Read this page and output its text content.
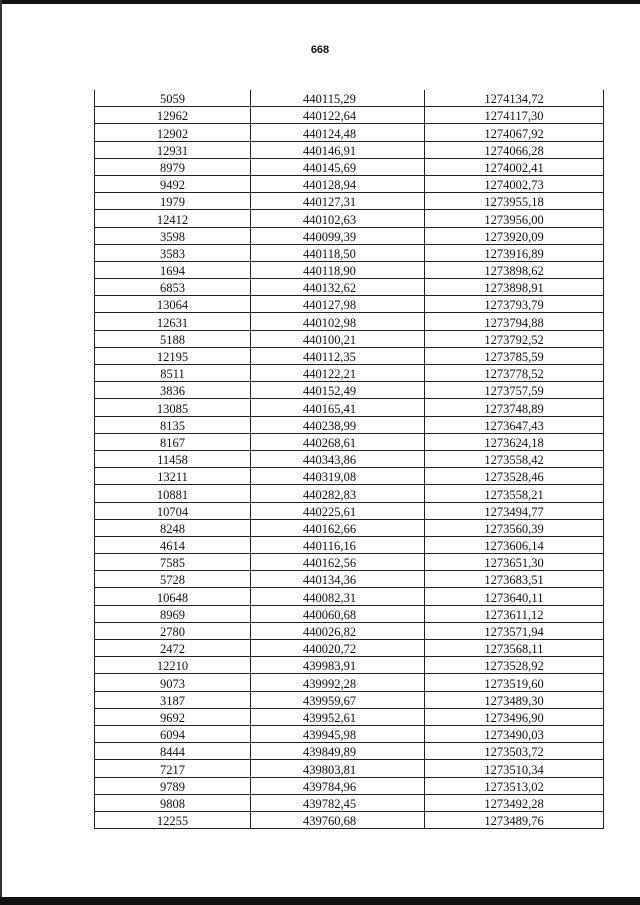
668
5059	440115,29	1274134,72
12962	440122,64	1274117,30
12902	440124,48	1274067,92
12931	440146,91	1274066,28
8979	440145,69	1274002,41
9492	440128,94	1274002,73
1979	440127,31	1273955,18
12412	440102,63	1273956,00
3598	440099,39	1273920,09
3583	440118,50	1273916,89
1694	440118,90	1273898,62
6853	440132,62	1273898,91
13064	440127,98	1273793,79
12631	440102,98	1273794,88
5188	440100,21	1273792,52
12195	440112,35	1273785,59
8511	440122,21	1273778,52
3836	440152,49	1273757,59
13085	440165,41	1273748,89
8135	440238,99	1273647,43
8167	440268,61	1273624,18
11458	440343,86	1273558,42
13211	440319,08	1273528,46
10881	440282,83	1273558,21
10704	440225,61	1273494,77
8248	440162,66	1273560,39
4614	440116,16	1273606,14
7585	440162,56	1273651,30
5728	440134,36	1273683,51
10648	440082,31	1273640,11
8969	440060,68	1273611,12
2780	440026,82	1273571,94
2472	440020,72	1273568,11
12210	439983,91	1273528,92
9073	439992,28	1273519,60
3187	439959,67	1273489,30
9692	439952,61	1273496,90
6094	439945,98	1273490,03
8444	439849,89	1273503,72
7217	439803,81	1273510,34
9789	439784,96	1273513,02
9808	439782,45	1273492,28
12255	439760,68	1273489,76
